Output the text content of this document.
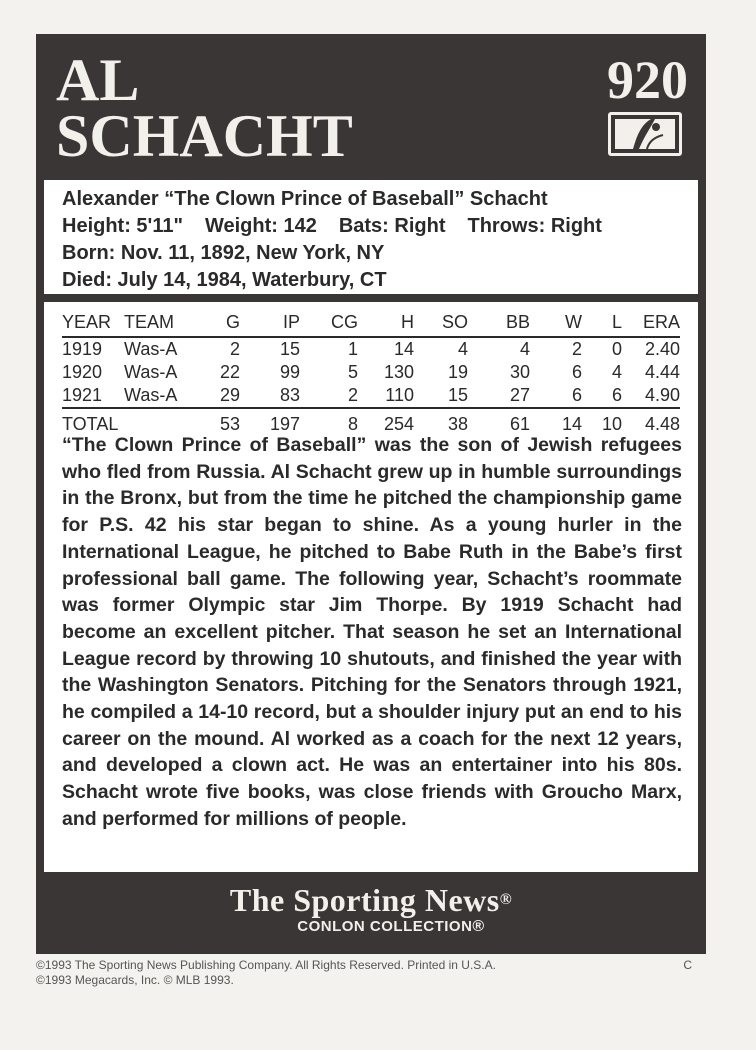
AL
SCHACHT
920
Alexander “The Clown Prince of Baseball” Schacht
Height: 5'11" Weight: 142 Bats: Right Throws: Right
Born: Nov. 11, 1892, New York, NY
Died: July 14, 1984, Waterbury, CT
YEAR	TEAM	G	IP	CG	H	SO	BB	W	L	ERA
1919	Was-A	2	15	1	14	4	4	2	0	2.40
1920	Was-A	22	99	5	130	19	30	6	4	4.44
1921	Was-A	29	83	2	110	15	27	6	6	4.90
TOTAL		53	197	8	254	38	61	14	10	4.48
“The Clown Prince of Baseball” was the son of Jewish refugees who fled from Russia. Al Schacht grew up in humble surroundings in the Bronx, but from the time he pitched the championship game for P.S. 42 his star began to shine. As a young hurler in the International League, he pitched to Babe Ruth in the Babe’s first professional ball game. The following year, Schacht’s roommate was former Olympic star Jim Thorpe. By 1919 Schacht had become an excellent pitcher. That season he set an International League record by throwing 10 shutouts, and finished the year with the Washington Senators. Pitching for the Senators through 1921, he compiled a 14-10 record, but a shoulder injury put an end to his career on the mound. Al worked as a coach for the next 12 years, and developed a clown act. He was an entertainer into his 80s. Schacht wrote five books, was close friends with Groucho Marx, and performed for millions of people.
The Sporting News®
CONLON COLLECTION®
©1993 The Sporting News Publishing Company. All Rights Reserved. Printed in U.S.A.
©1993 Megacards, Inc. © MLB 1993.
C
